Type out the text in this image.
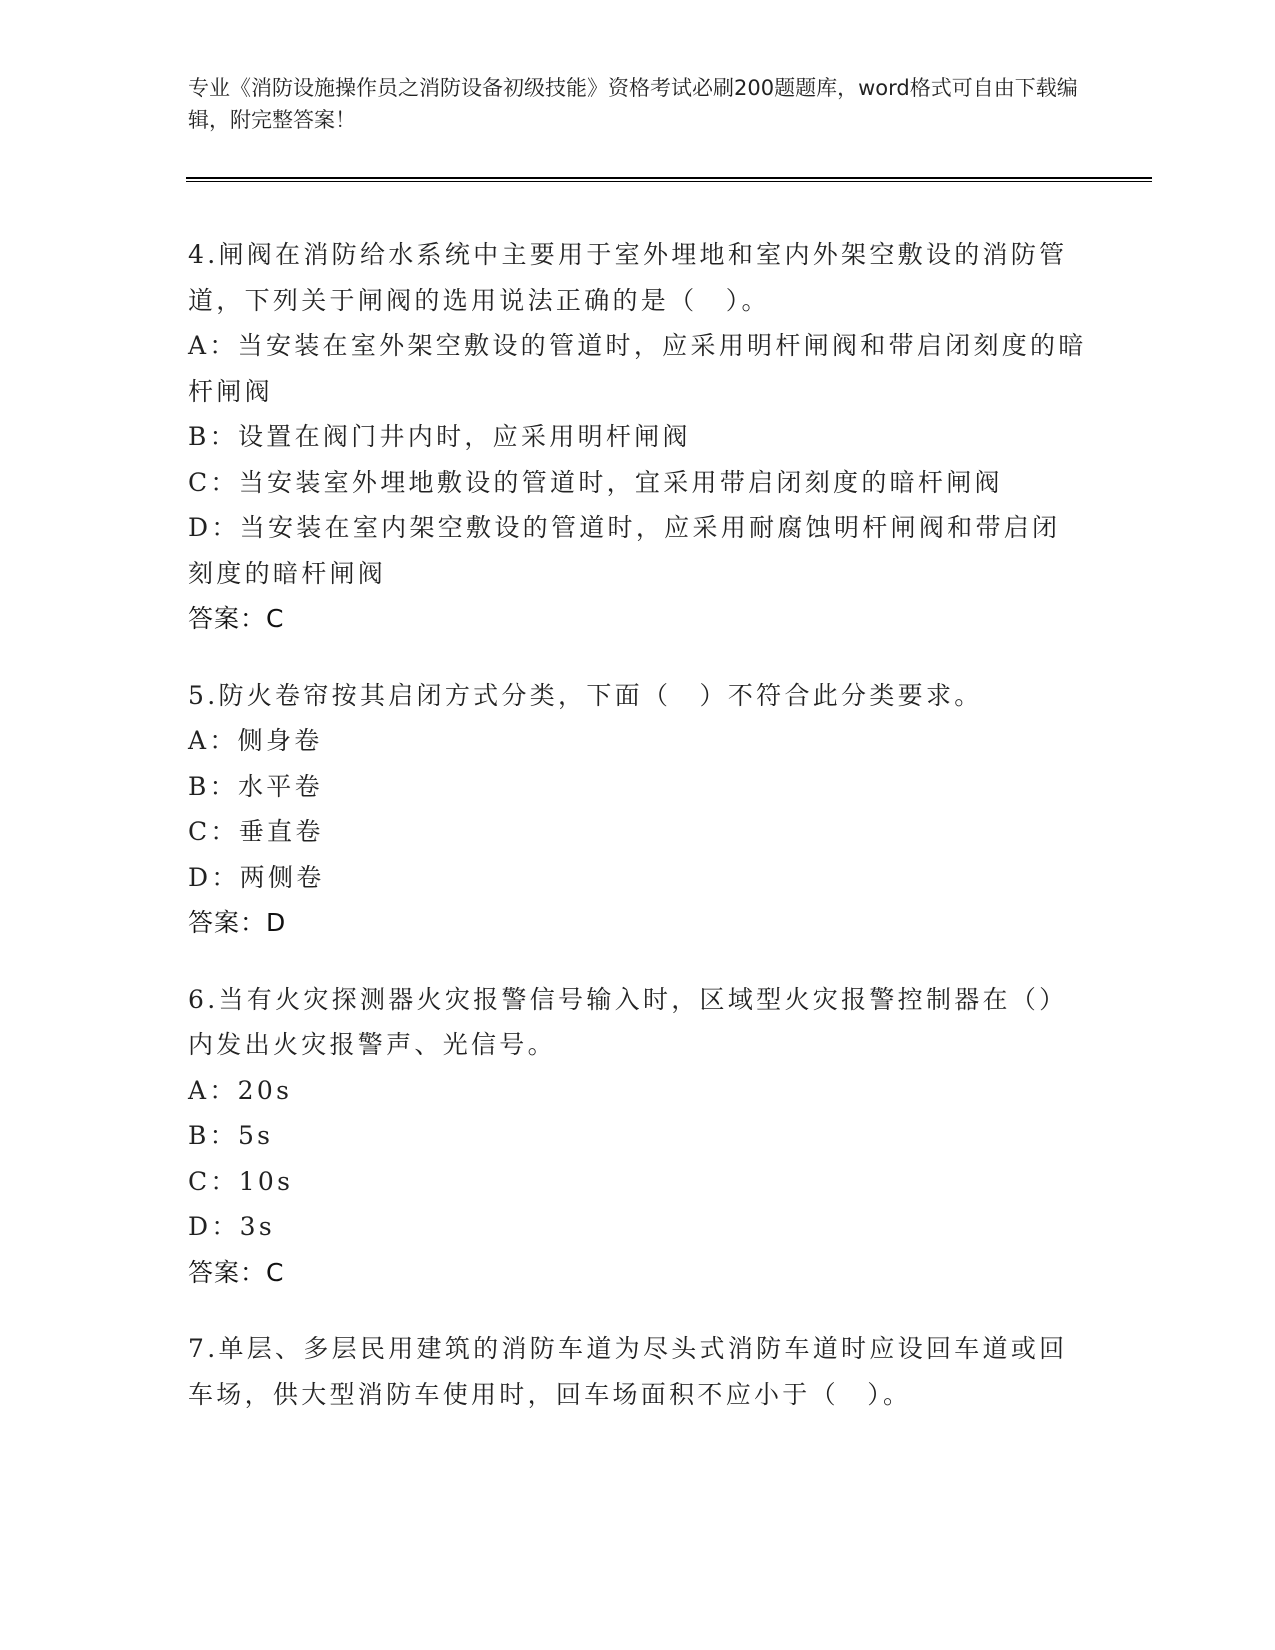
专业《消防设施操作员之消防设备初级技能》资格考试必刷200题题库，word格式可自由下载编辑，附完整答案！
4.闸阀在消防给水系统中主要用于室外埋地和室内外架空敷设的消防管道，下列关于闸阀的选用说法正确的是（　）。
A：当安装在室外架空敷设的管道时，应采用明杆闸阀和带启闭刻度的暗杆闸阀
B：设置在阀门井内时，应采用明杆闸阀
C：当安装室外埋地敷设的管道时，宜采用带启闭刻度的暗杆闸阀
D：当安装在室内架空敷设的管道时，应采用耐腐蚀明杆闸阀和带启闭刻度的暗杆闸阀
答案：C
5.防火卷帘按其启闭方式分类，下面（　）不符合此分类要求。
A：侧身卷
B：水平卷
C：垂直卷
D：两侧卷
答案：D
6.当有火灾探测器火灾报警信号输入时，区域型火灾报警控制器在（）内发出火灾报警声、光信号。
A：20s
B：5s
C：10s
D：3s
答案：C
7.单层、多层民用建筑的消防车道为尽头式消防车道时应设回车道或回车场，供大型消防车使用时，回车场面积不应小于（　）。
